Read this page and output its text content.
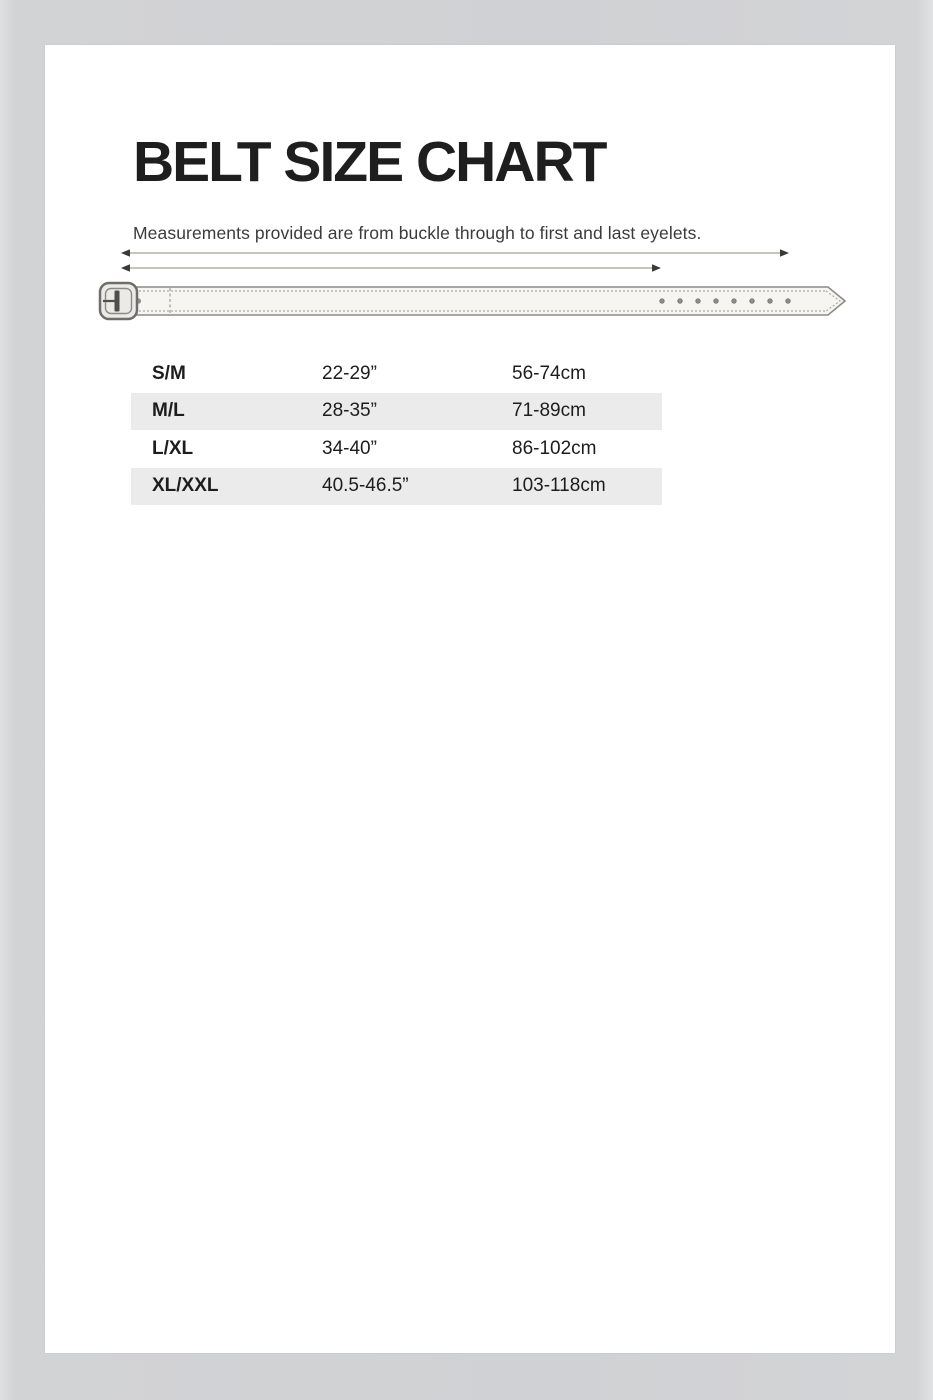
BELT SIZE CHART

Measurements provided are from buckle through to first and last eyelets.

S/M	22-29”	56-74cm
M/L	28-35”	71-89cm
L/XL	34-40”	86-102cm
XL/XXL	40.5-46.5”	103-118cm
